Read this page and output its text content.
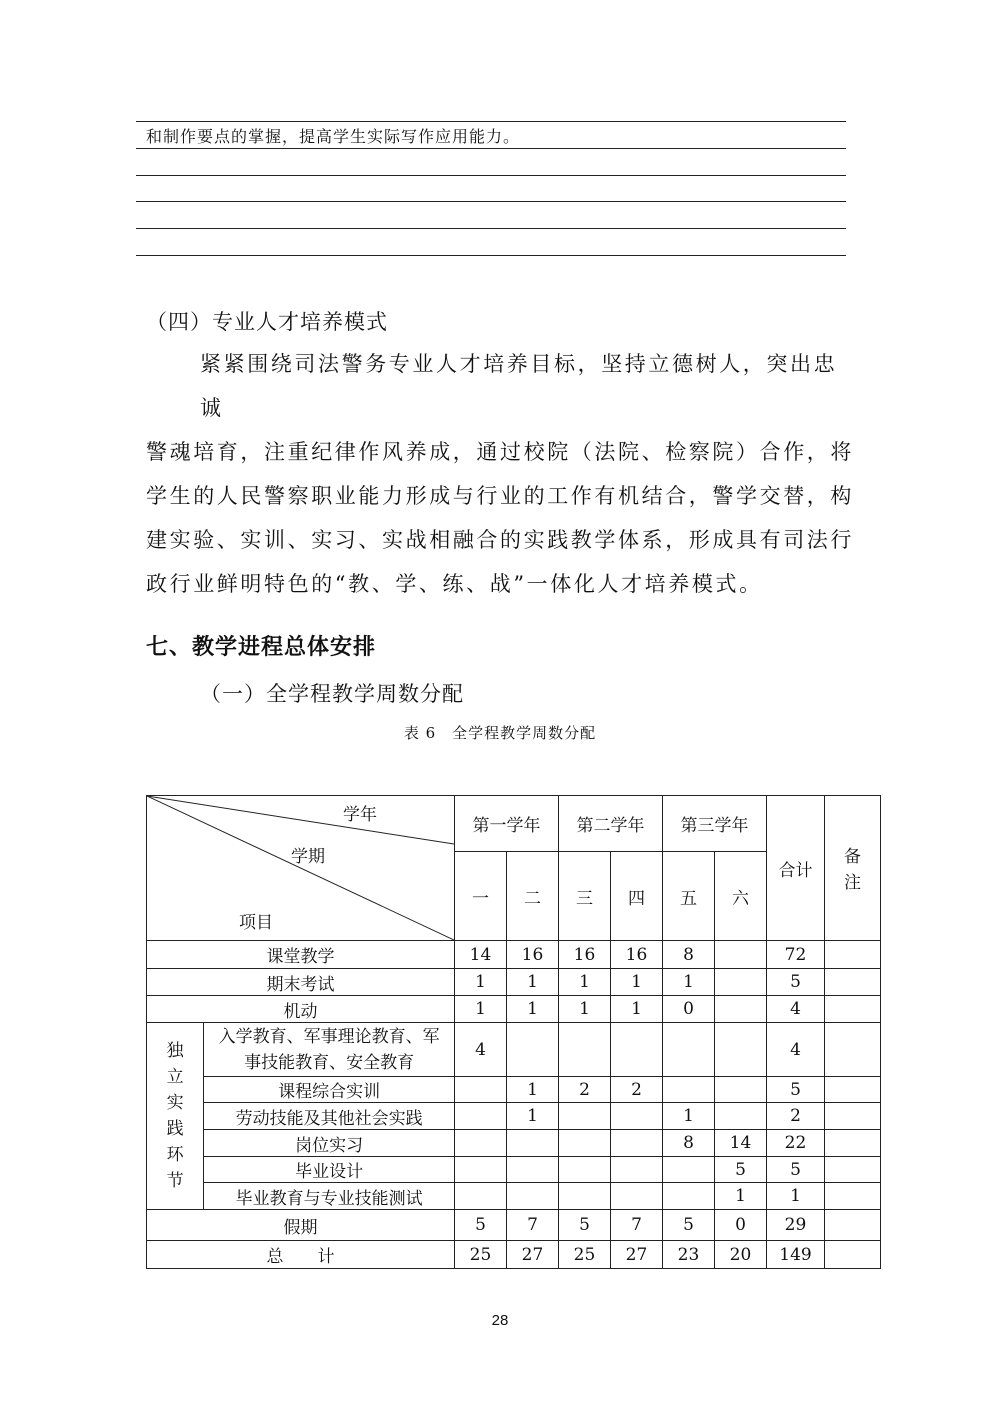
和制作要点的掌握，提高学生实际写作应用能力。
（四）专业人才培养模式
紧紧围绕司法警务专业人才培养目标，坚持立德树人，突出忠诚
警魂培育，注重纪律作风养成，通过校院（法院、检察院）合作，将
学生的人民警察职业能力形成与行业的工作有机结合，警学交替，构
建实验、实训、实习、实战相融合的实践教学体系，形成具有司法行
政行业鲜明特色的“教、学、练、战”一体化人才培养模式。
七、教学进程总体安排
（一）全学程教学周数分配
表 6　全学程教学周数分配
学年
学期
项目		第一学年		第二学年		第三学年		合计	备注

		一	二	三	四	五	六		
课堂教学		14	16	16	16	8		72	
期末考试		1	1	1	1	1		5	
机动		1	1	1	1	0		4	

独立实践环节	入学教育、军事理论教育、军事技能教育、安全教育	4						4	
	课程综合实训		1	2	2			5	
	劳动技能及其他社会实践		1			1		2	
	岗位实习					8	14	22	
	毕业设计						5	5	
	毕业教育与专业技能测试						1	1	
假期		5	7	5	7	5	0	29	
总　　计		25	27	25	27	23	20	149	
28
